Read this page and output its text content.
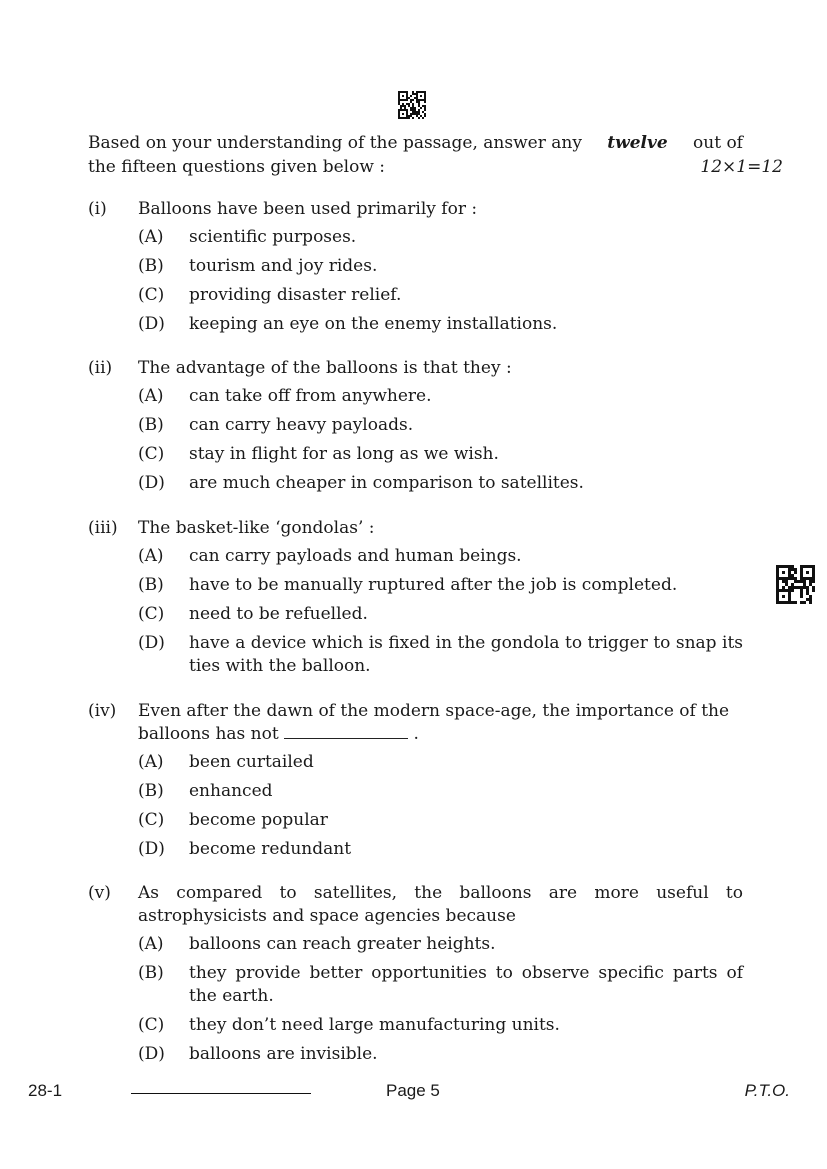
Based on your understanding of the passage, answer any twelve out of
the fifteen questions given below :	12×1=12
(i)	Balloons have been used primarily for :
(A)	scientific purposes.
(B)	tourism and joy rides.
(C)	providing disaster relief.
(D)	keeping an eye on the enemy installations.
(ii)	The advantage of the balloons is that they :
(A)	can take off from anywhere.
(B)	can carry heavy payloads.
(C)	stay in flight for as long as we wish.
(D)	are much cheaper in comparison to satellites.
(iii)	The basket-like ‘gondolas’ :
(A)	can carry payloads and human beings.
(B)	have to be manually ruptured after the job is completed.
(C)	need to be refuelled.
(D)	have a device which is fixed in the gondola to trigger to snap its ties with the balloon.
(iv)	Even after the dawn of the modern space-age, the importance of the balloons has not	.
(A)	been curtailed
(B)	enhanced
(C)	become popular
(D)	become redundant
(v)	As compared to satellites, the balloons are more useful to astrophysicists and space agencies because
(A)	balloons can reach greater heights.
(B)	they provide better opportunities to observe specific parts of the earth.
(C)	they don’t need large manufacturing units.
(D)	balloons are invisible.
28-1	Page 5	P.T.O.
